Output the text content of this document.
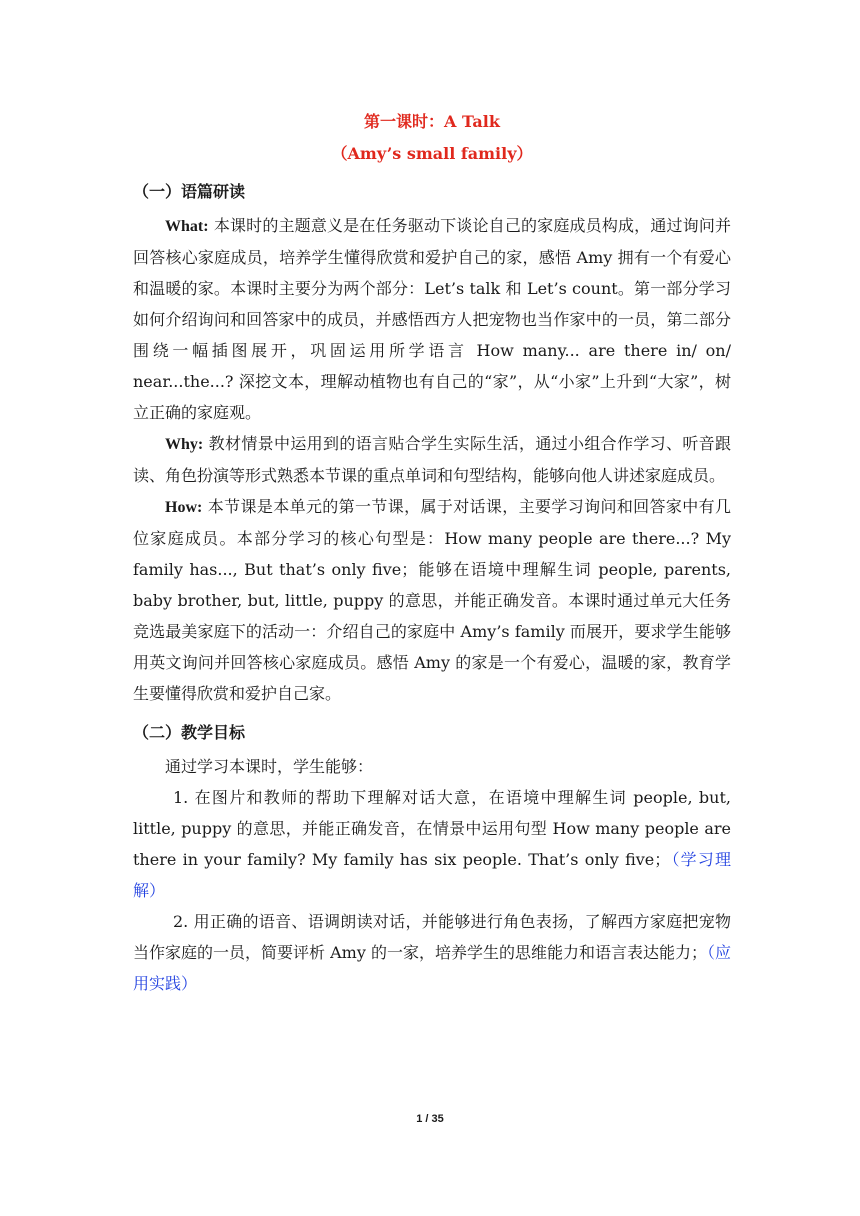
第一课时：A Talk
（Amy’s small family）
（一）语篇研读

What: 本课时的主题意义是在任务驱动下谈论自己的家庭成员构成，通过询问并回答核心家庭成员，培养学生懂得欣赏和爱护自己的家，感悟 Amy 拥有一个有爱心和温暖的家。本课时主要分为两个部分：Let’s talk 和 Let’s count。第一部分学习如何介绍询问和回答家中的成员，并感悟西方人把宠物也当作家中的一员，第二部分围绕一幅插图展开，巩固运用所学语言 How many... are there in/ on/ near...the...? 深挖文本，理解动植物也有自己的“家”，从“小家”上升到“大家”，树立正确的家庭观。

Why: 教材情景中运用到的语言贴合学生实际生活，通过小组合作学习、听音跟读、角色扮演等形式熟悉本节课的重点单词和句型结构，能够向他人讲述家庭成员。

How: 本节课是本单元的第一节课，属于对话课，主要学习询问和回答家中有几位家庭成员。本部分学习的核心句型是：How many people are there...? My family has..., But that’s only five；能够在语境中理解生词 people, parents, baby brother, but, little, puppy 的意思，并能正确发音。本课时通过单元大任务竞选最美家庭下的活动一：介绍自己的家庭中 Amy’s family 而展开，要求学生能够用英文询问并回答核心家庭成员。感悟 Amy 的家是一个有爱心，温暖的家，教育学生要懂得欣赏和爱护自己家。

（二）教学目标

通过学习本课时，学生能够：

1. 在图片和教师的帮助下理解对话大意，在语境中理解生词 people, but, little, puppy 的意思，并能正确发音，在情景中运用句型 How many people are there in your family? My family has six people. That’s only five；（学习理解）

2. 用正确的语音、语调朗读对话，并能够进行角色表扬，了解西方家庭把宠物当作家庭的一员，简要评析 Amy 的一家，培养学生的思维能力和语言表达能力；（应用实践）

1 / 35
